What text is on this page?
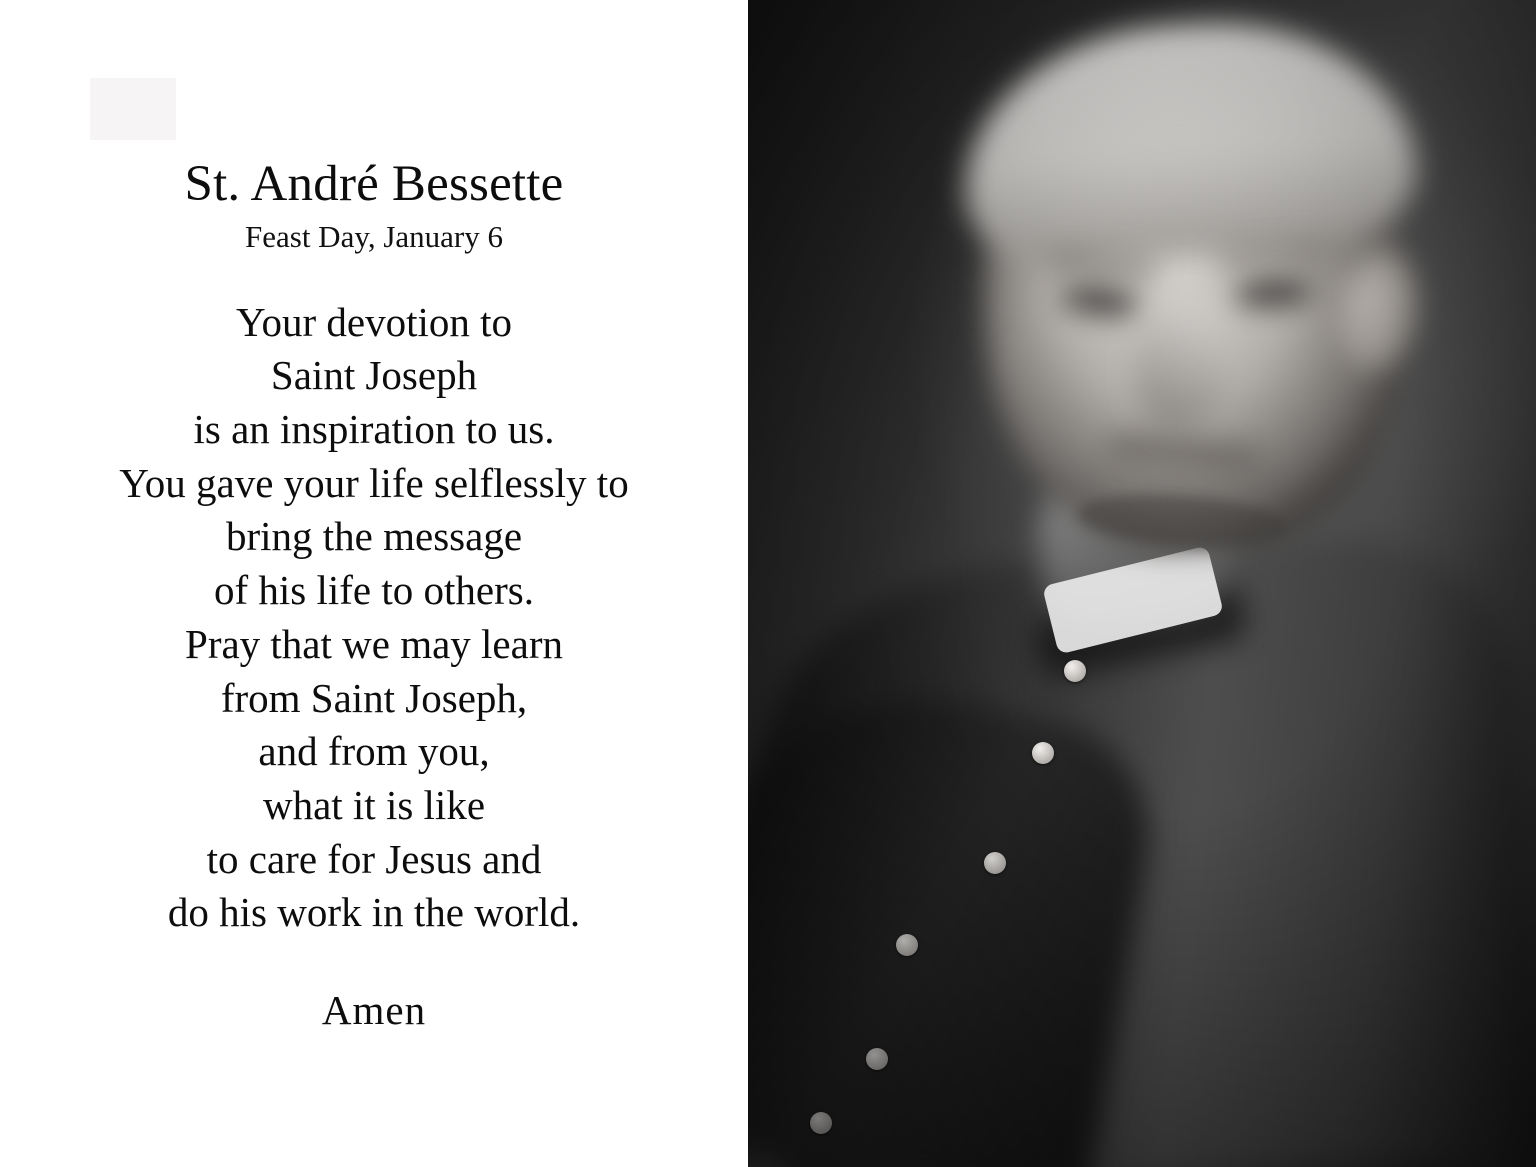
St. André Bessette
Feast Day, January 6
Your devotion to
Saint Joseph
is an inspiration to us.
You gave your life selflessly to
bring the message
of his life to others.
Pray that we may learn
from Saint Joseph,
and from you,
what it is like
to care for Jesus and
do his work in the world.
Amen
